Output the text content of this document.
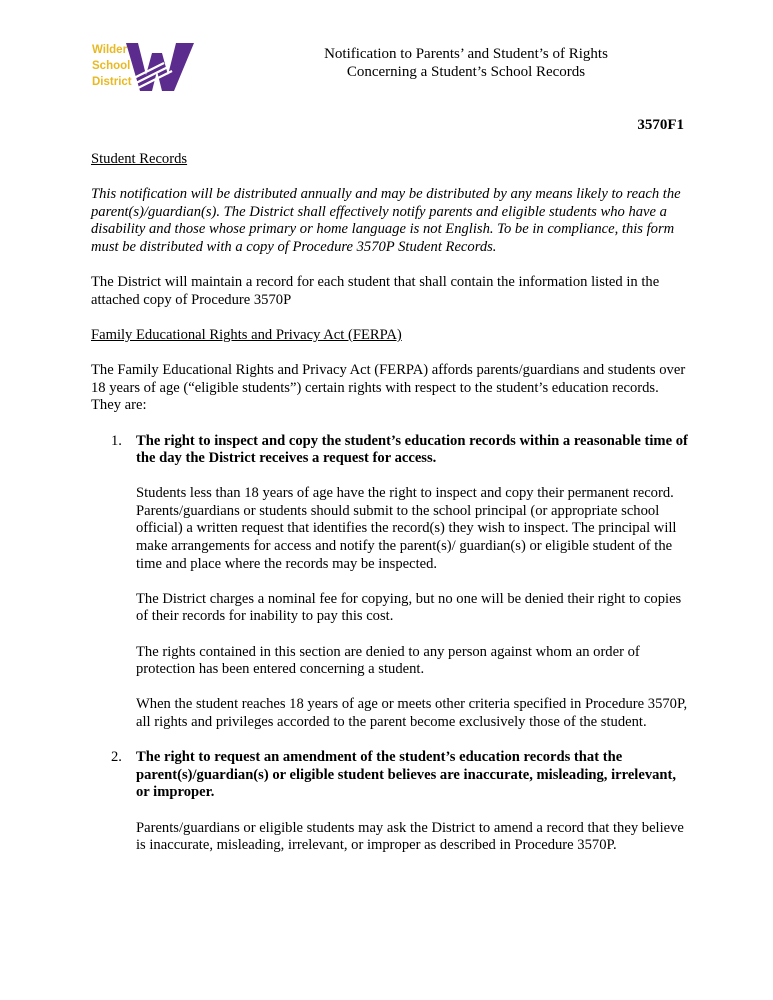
Wilder
School
District
Notification to Parents’ and Student’s of Rights
Concerning a Student’s School Records
3570F1

Student Records

This notification will be distributed annually and may be distributed by any means likely to reach the parent(s)/guardian(s). The District shall effectively notify parents and eligible students who have a disability and those whose primary or home language is not English. To be in compliance, this form must be distributed with a copy of Procedure 3570P Student Records.

The District will maintain a record for each student that shall contain the information listed in the attached copy of Procedure 3570P

Family Educational Rights and Privacy Act (FERPA)

The Family Educational Rights and Privacy Act (FERPA) affords parents/guardians and students over 18 years of age (“eligible students”) certain rights with respect to the student’s education records. They are:

1. The right to inspect and copy the student’s education records within a reasonable time of the day the District receives a request for access.

Students less than 18 years of age have the right to inspect and copy their permanent record. Parents/guardians or students should submit to the school principal (or appropriate school official) a written request that identifies the record(s) they wish to inspect. The principal will make arrangements for access and notify the parent(s)/ guardian(s) or eligible student of the time and place where the records may be inspected.

The District charges a nominal fee for copying, but no one will be denied their right to copies of their records for inability to pay this cost.

The rights contained in this section are denied to any person against whom an order of protection has been entered concerning a student.

When the student reaches 18 years of age or meets other criteria specified in Procedure 3570P, all rights and privileges accorded to the parent become exclusively those of the student.

2. The right to request an amendment of the student’s education records that the parent(s)/guardian(s) or eligible student believes are inaccurate, misleading, irrelevant, or improper.

Parents/guardians or eligible students may ask the District to amend a record that they believe is inaccurate, misleading, irrelevant, or improper as described in Procedure 3570P.
